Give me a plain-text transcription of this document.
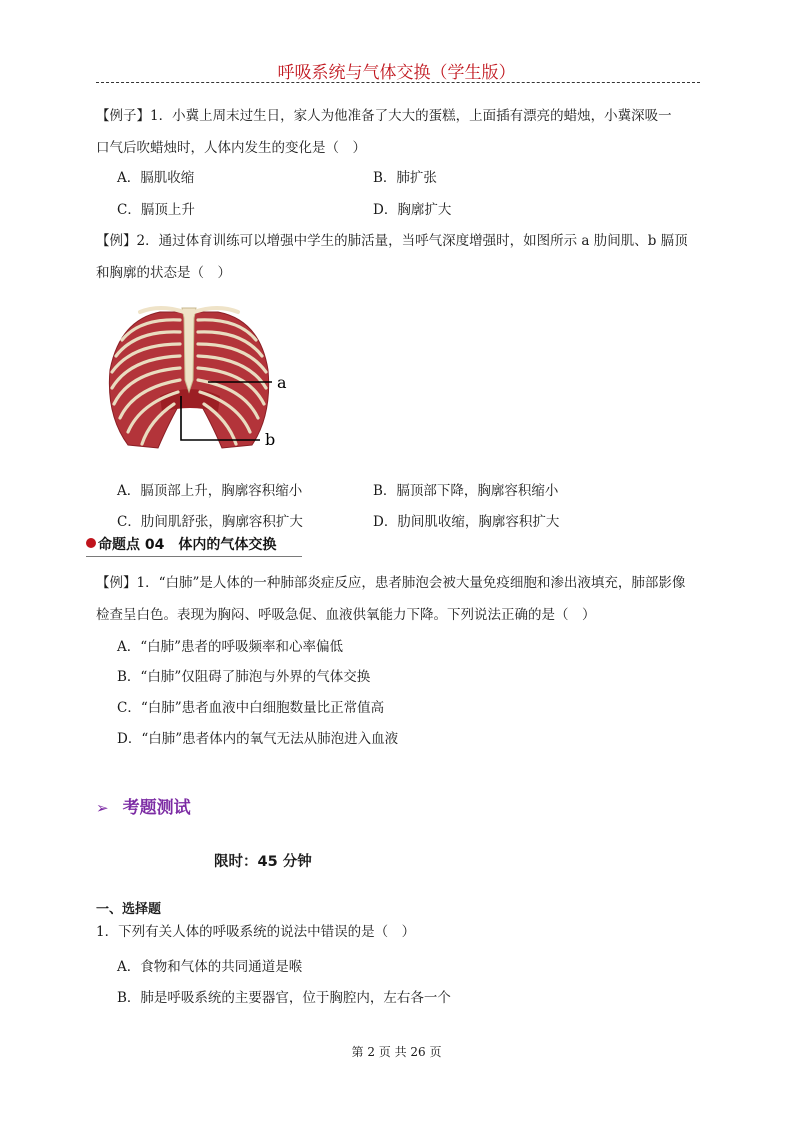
呼吸系统与气体交换（学生版）
【例子】1．小冀上周末过生日，家人为他准备了大大的蛋糕，上面插有漂亮的蜡烛，小冀深吸一
口气后吹蜡烛时，人体内发生的变化是（　）
A．膈肌收缩	B．肺扩张
C．膈顶上升	D．胸廓扩大
【例】2．通过体育训练可以增强中学生的肺活量，当呼气深度增强时，如图所示 a 肋间肌、b 膈顶
和胸廓的状态是（　）
a
b
A．膈顶部上升，胸廓容积缩小	B．膈顶部下降，胸廓容积缩小
C．肋间肌舒张，胸廓容积扩大	D．肋间肌收缩，胸廓容积扩大
命题点 04　体内的气体交换
【例】1．“白肺”是人体的一种肺部炎症反应，患者肺泡会被大量免疫细胞和渗出液填充，肺部影像
检查呈白色。表现为胸闷、呼吸急促、血液供氧能力下降。下列说法正确的是（　）
A．“白肺”患者的呼吸频率和心率偏低
B．“白肺”仅阻碍了肺泡与外界的气体交换
C．“白肺”患者血液中白细胞数量比正常值高
D．“白肺”患者体内的氧气无法从肺泡进入血液
➢ 考题测试
限时：45 分钟
一、选择题
1．下列有关人体的呼吸系统的说法中错误的是（　）
A．食物和气体的共同通道是喉
B．肺是呼吸系统的主要器官，位于胸腔内，左右各一个
第 2 页 共 26 页
